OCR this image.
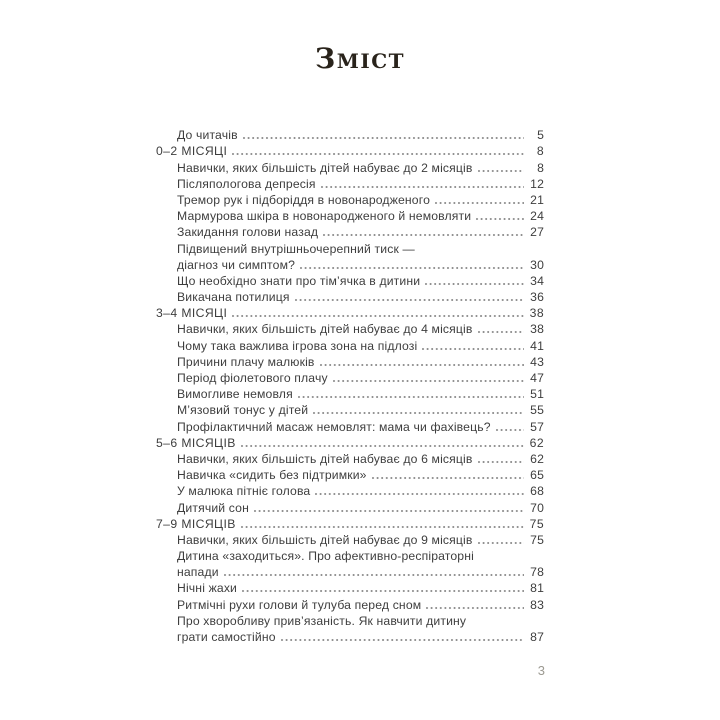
Зміст
До читачів	5
0–2 МІСЯЦІ	8
Навички, яких більшість дітей набуває до 2 місяців	8
Післяпологова депресія	12
Тремор рук і підборіддя в новонародженого	21
Мармурова шкіра в новонародженого й немовляти	24
Закидання голови назад	27
Підвищений внутрішньочерепний тиск —
діагноз чи симптом?	30
Що необхідно знати про тім’ячка в дитини	34
Викачана потилиця	36
3–4 МІСЯЦІ	38
Навички, яких більшість дітей набуває до 4 місяців	38
Чому така важлива ігрова зона на підлозі	41
Причини плачу малюків	43
Період фіолетового плачу	47
Вимогливе немовля	51
М’язовий тонус у дітей	55
Профілактичний масаж немовлят: мама чи фахівець?	57
5–6 МІСЯЦІВ	62
Навички, яких більшість дітей набуває до 6 місяців	62
Навичка «сидить без підтримки»	65
У малюка пітніє голова	68
Дитячий сон	70
7–9 МІСЯЦІВ	75
Навички, яких більшість дітей набуває до 9 місяців	75
Дитина «заходиться». Про афективно-респіраторні
напади	78
Нічні жахи	81
Ритмічні рухи голови й тулуба перед сном	83
Про хворобливу прив’язаність. Як навчити дитину
грати самостійно	87
3
